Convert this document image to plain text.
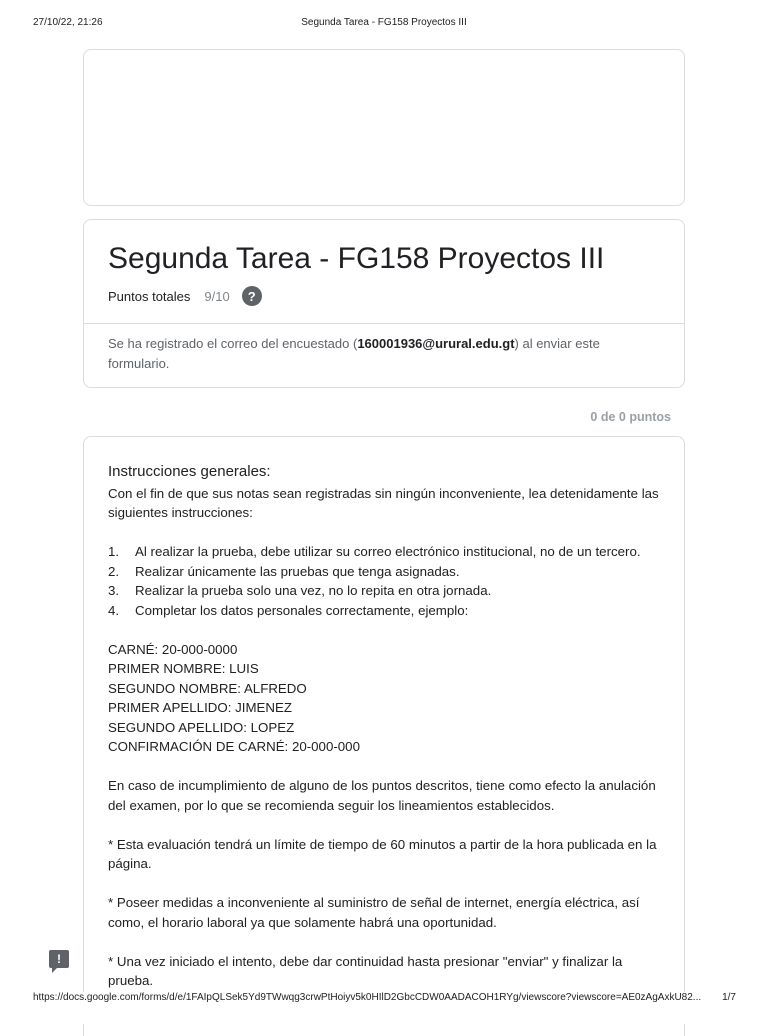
27/10/22, 21:26	Segunda Tarea - FG158 Proyectos III
Segunda Tarea - FG158 Proyectos III
Puntos totales 9/10	?
Se ha registrado el correo del encuestado (160001936@urural.edu.gt) al enviar este formulario.
0 de 0 puntos
Instrucciones generales:

Con el fin de que sus notas sean registradas sin ningún inconveniente, lea detenidamente las siguientes instrucciones:

1.	Al realizar la prueba, debe utilizar su correo electrónico institucional, no de un tercero.
2.	Realizar únicamente las pruebas que tenga asignadas.
3.	Realizar la prueba solo una vez, no lo repita en otra jornada.
4.	Completar los datos personales correctamente, ejemplo:

CARNÉ: 20-000-0000

PRIMER NOMBRE: LUIS

SEGUNDO NOMBRE: ALFREDO

PRIMER APELLIDO: JIMENEZ

SEGUNDO APELLIDO: LOPEZ

CONFIRMACIÓN DE CARNÉ: 20-000-000

En caso de incumplimiento de alguno de los puntos descritos, tiene como efecto la anulación del examen, por lo que se recomienda seguir los lineamientos establecidos.

* Esta evaluación tendrá un límite de tiempo de 60 minutos a partir de la hora publicada en la página.

* Poseer medidas a inconveniente al suministro de señal de internet, energía eléctrica, así como, el horario laboral ya que solamente habrá una oportunidad.

* Una vez iniciado el intento, debe dar continuidad hasta presionar "enviar" y finalizar la prueba.

!
https://docs.google.com/forms/d/e/1FAIpQLSek5Yd9TWwqg3crwPtHoiyv5k0HIlD2GbcCDW0AADACOH1RYg/viewscore?viewscore=AE0zAgAxkU82... 1/7
